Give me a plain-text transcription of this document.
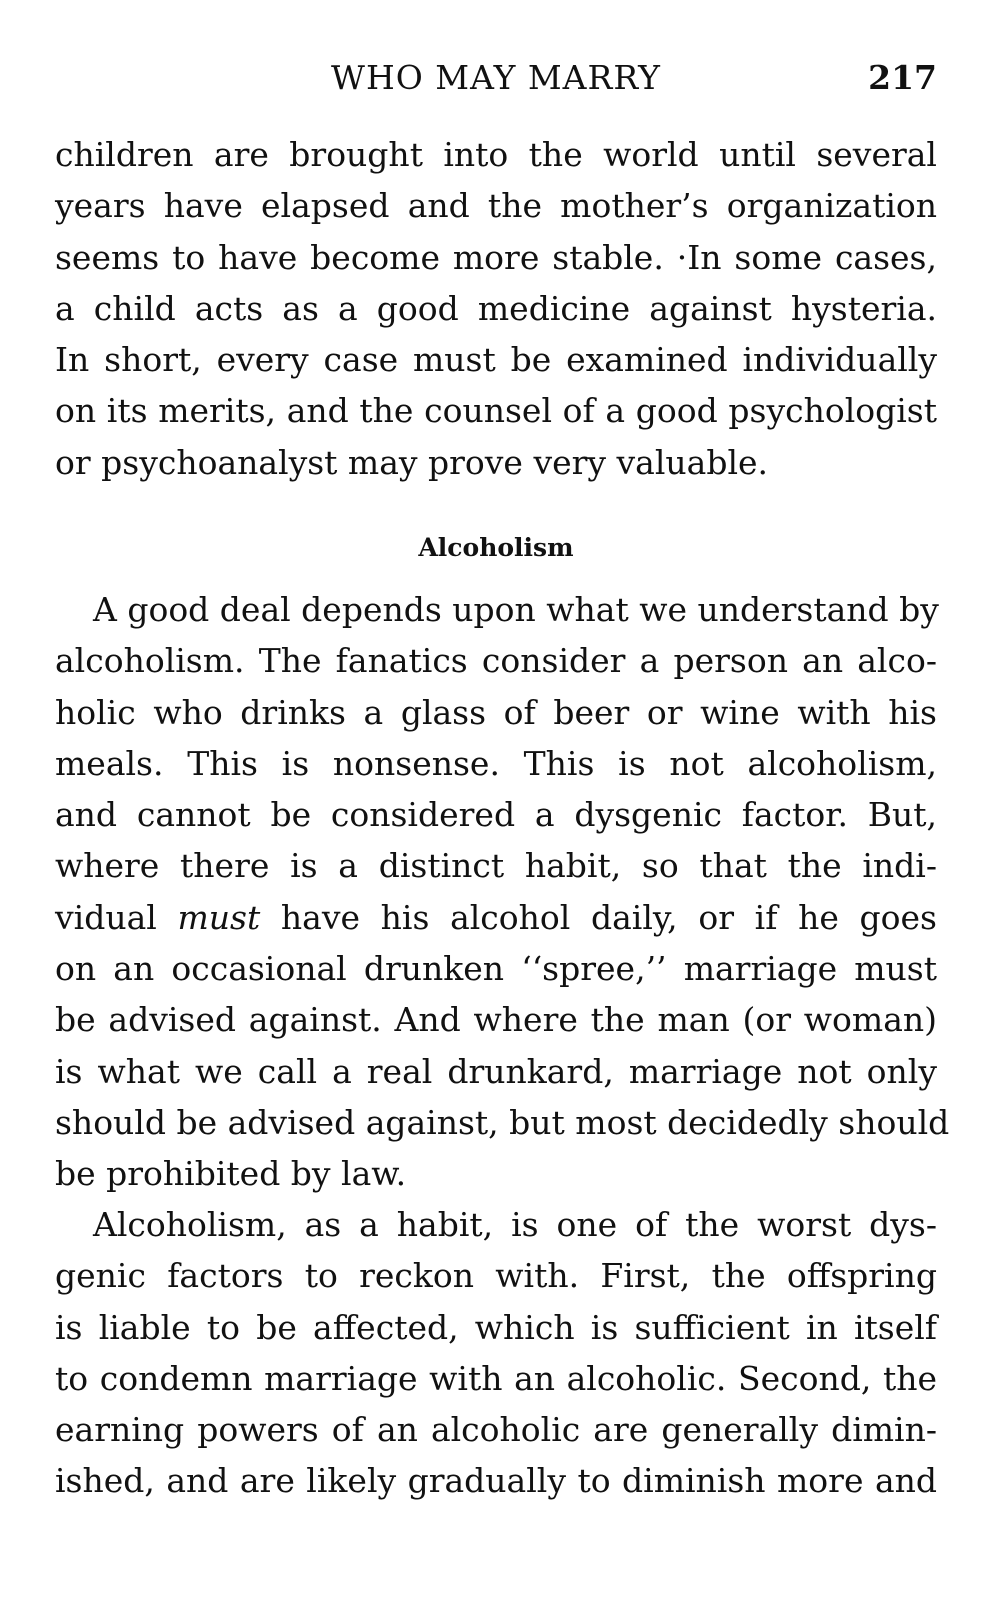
WHO MAY MARRY	217
children are brought into the world until several
years have elapsed and the mother’s organization
seems to have become more stable. ·In some cases,
a child acts as a good medicine against hysteria.
In short, every case must be examined individually
on its merits, and the counsel of a good psychologist
or psychoanalyst may prove very valuable.
Alcoholism
A good deal depends upon what we understand by
alcoholism. The fanatics consider a person an alco-
holic who drinks a glass of beer or wine with his
meals. This is nonsense. This is not alcoholism,
and cannot be considered a dysgenic factor. But,
where there is a distinct habit, so that the indi-
vidual must have his alcohol daily, or if he goes
on an occasional drunken ‘‘spree,’’ marriage must
be advised against. And where the man (or woman)
is what we call a real drunkard, marriage not only
should be advised against, but most decidedly should
be prohibited by law.
Alcoholism, as a habit, is one of the worst dys-
genic factors to reckon with. First, the offspring
is liable to be affected, which is sufficient in itself
to condemn marriage with an alcoholic. Second, the
earning powers of an alcoholic are generally dimin-
ished, and are likely gradually to diminish more and
